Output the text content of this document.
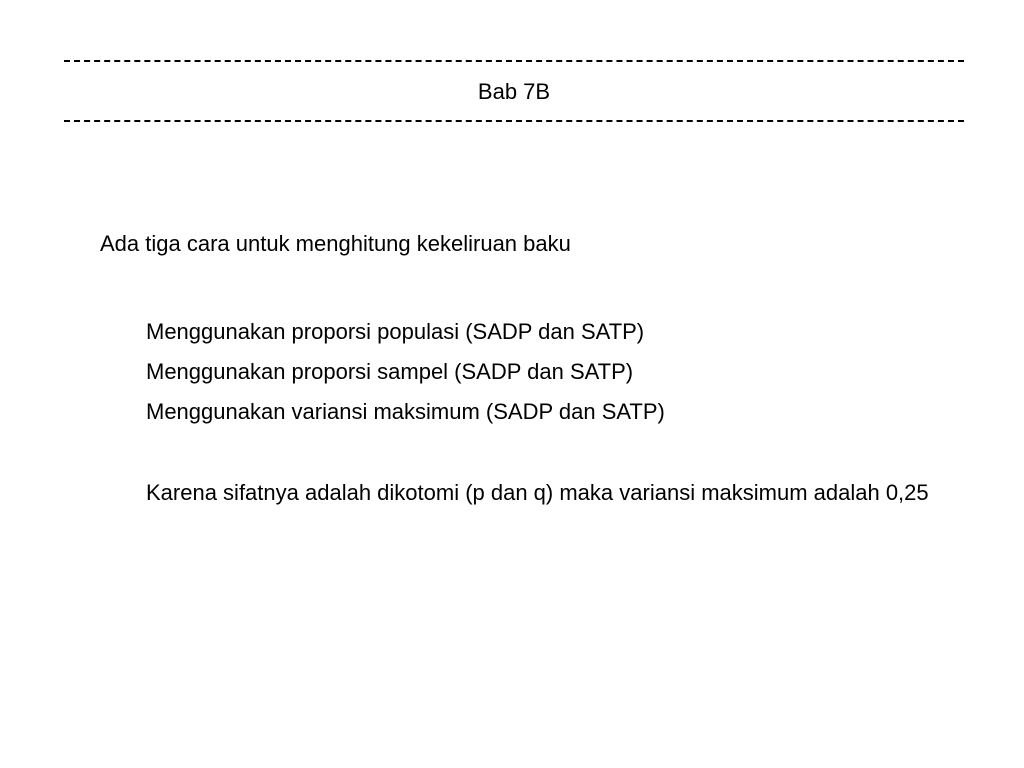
Bab 7B
Ada tiga cara untuk menghitung kekeliruan baku
Menggunakan proporsi populasi (SADP dan SATP)
Menggunakan proporsi sampel (SADP dan SATP)
Menggunakan variansi maksimum (SADP dan SATP)
Karena sifatnya adalah dikotomi (p dan q) maka variansi maksimum adalah 0,25
